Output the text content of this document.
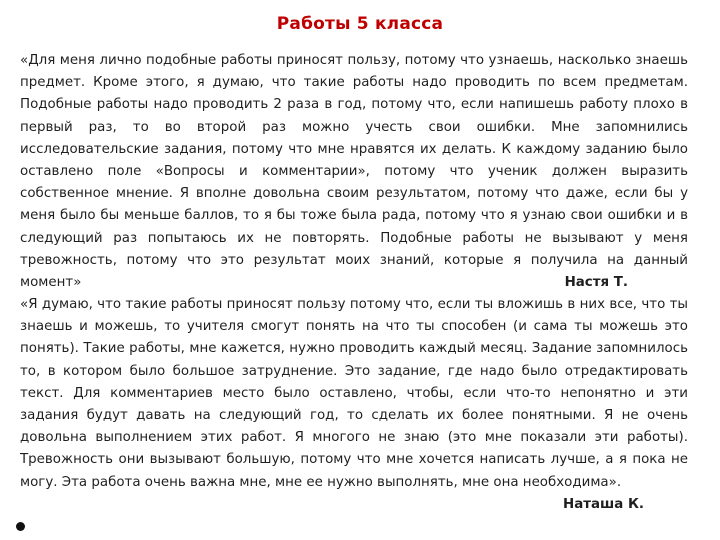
Работы 5 класса
«Для меня лично подобные работы приносят пользу, потому что узнаешь, насколько знаешь предмет. Кроме этого, я думаю, что такие работы надо проводить по всем предметам. Подобные работы надо проводить 2 раза в год, потому что, если напишешь работу плохо в первый раз, то во второй раз можно учесть свои ошибки. Мне запомнились исследовательские задания, потому что мне нравятся их делать. К каждому заданию было оставлено поле «Вопросы и комментарии», потому что ученик должен выразить собственное мнение. Я вполне довольна своим результатом, потому что даже, если бы у меня было бы меньше баллов, то я бы тоже была рада, потому что я узнаю свои ошибки и в следующий раз попытаюсь их не повторять. Подобные работы не вызывают у меня тревожность, потому что это результат моих знаний, которые я получила на данный момент»	Настя Т.
«Я думаю, что такие работы приносят пользу потому что, если ты вложишь в них все, что ты знаешь и можешь, то учителя смогут понять на что ты способен (и сама ты можешь это понять). Такие работы, мне кажется, нужно проводить каждый месяц. Задание запомнилось то, в котором было большое затруднение. Это задание, где надо было отредактировать текст. Для комментариев место было оставлено, чтобы, если что-то непонятно и эти задания будут давать на следующий год, то сделать их более понятными. Я не очень довольна выполнением этих работ. Я многого не знаю (это мне показали эти работы). Тревожность они вызывают большую, потому что мне хочется написать лучше, а я пока не могу. Эта работа очень важна мне, мне ее нужно выполнять, мне она необходима».
Наташа К.
